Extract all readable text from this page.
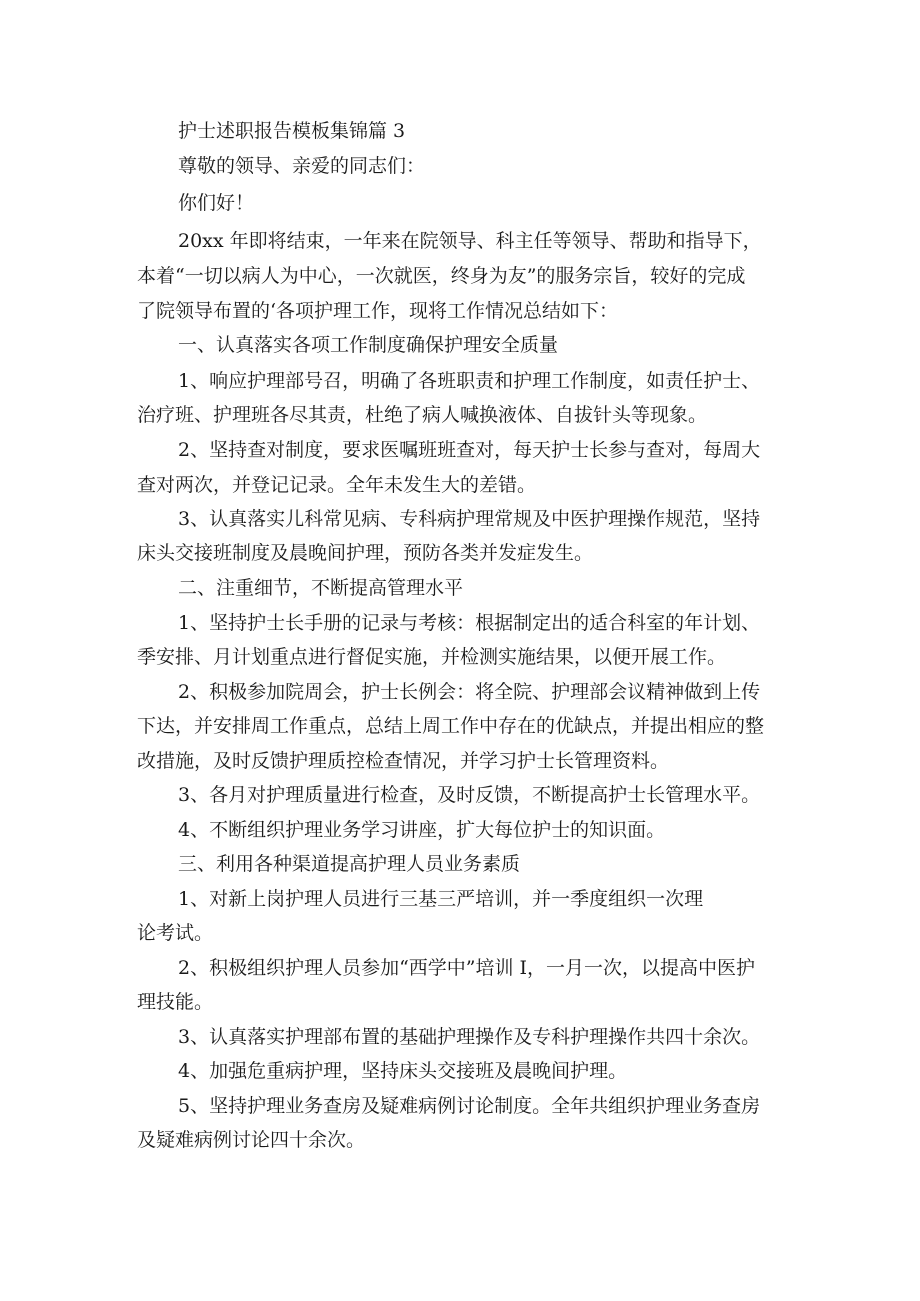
护士述职报告模板集锦篇 3
尊敬的领导、亲爱的同志们：
你们好！
20xx 年即将结束，一年来在院领导、科主任等领导、帮助和指导下，
本着“一切以病人为中心，一次就医，终身为友”的服务宗旨，较好的完成
了院领导布置的‘各项护理工作，现将工作情况总结如下：
一、认真落实各项工作制度确保护理安全质量
1、响应护理部号召，明确了各班职责和护理工作制度，如责任护士、
治疗班、护理班各尽其责，杜绝了病人喊换液体、自拔针头等现象。
2、坚持查对制度，要求医嘱班班查对，每天护士长参与查对，每周大
查对两次，并登记记录。全年未发生大的差错。
3、认真落实儿科常见病、专科病护理常规及中医护理操作规范，坚持
床头交接班制度及晨晚间护理，预防各类并发症发生。
二、注重细节，不断提高管理水平
1、坚持护士长手册的记录与考核：根据制定出的适合科室的年计划、
季安排、月计划重点进行督促实施，并检测实施结果，以便开展工作。
2、积极参加院周会，护士长例会：将全院、护理部会议精神做到上传
下达，并安排周工作重点，总结上周工作中存在的优缺点，并提出相应的整
改措施，及时反馈护理质控检查情况，并学习护士长管理资料。
3、各月对护理质量进行检查，及时反馈，不断提高护士长管理水平。
4、不断组织护理业务学习讲座，扩大每位护士的知识面。
三、利用各种渠道提高护理人员业务素质
1、对新上岗护理人员进行三基三严培训，并一季度组织一次理
论考试。
2、积极组织护理人员参加“西学中”培训 I，一月一次，以提高中医护
理技能。
3、认真落实护理部布置的基础护理操作及专科护理操作共四十余次。
4、加强危重病护理，坚持床头交接班及晨晚间护理。
5、坚持护理业务查房及疑难病例讨论制度。全年共组织护理业务查房
及疑难病例讨论四十余次。
